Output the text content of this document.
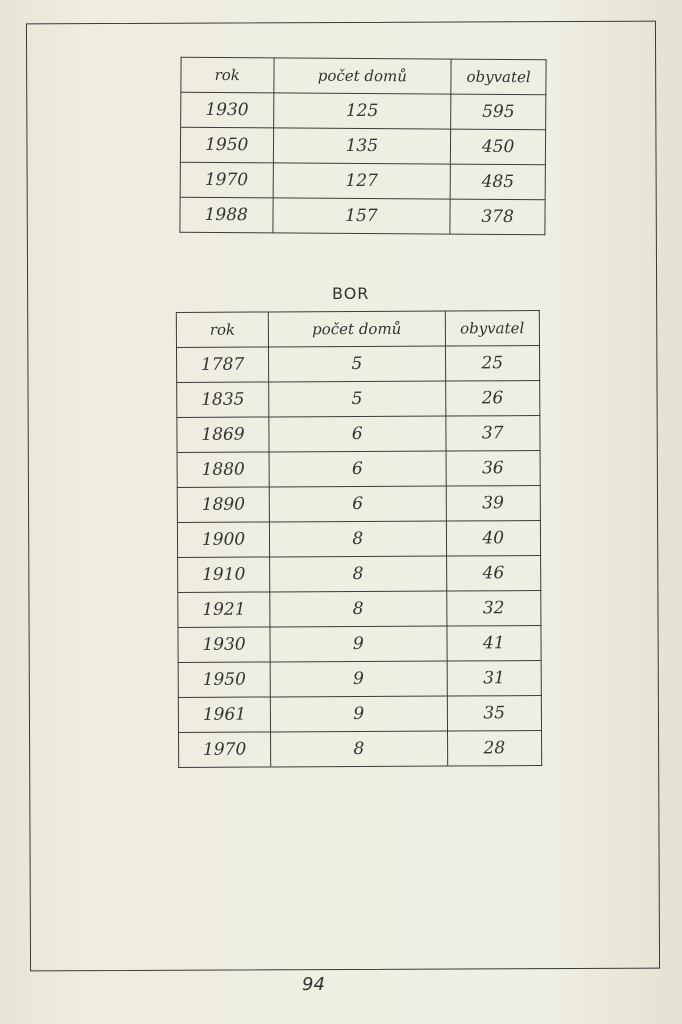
rok	počet domů	obyvatel
1930	125	595
1950	135	450
1970	127	485
1988	157	378
BOR
rok	počet domů	obyvatel
1787	5	25
1835	5	26
1869	6	37
1880	6	36
1890	6	39
1900	8	40
1910	8	46
1921	8	32
1930	9	41
1950	9	31
1961	9	35
1970	8	28
94
